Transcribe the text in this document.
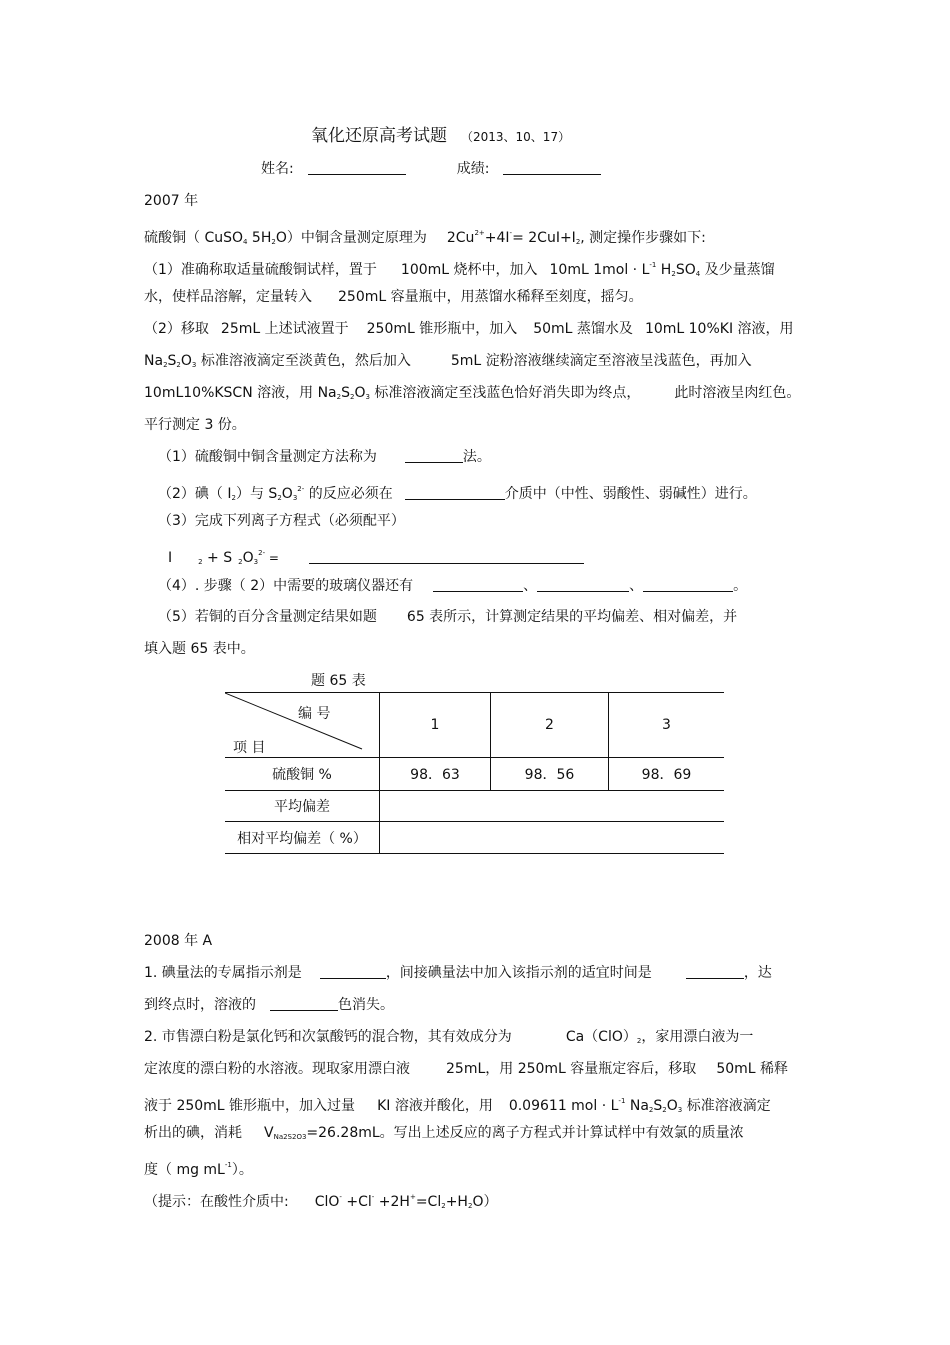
氧化还原高考试题 （2013、10、17）
姓名:	成绩:
2007 年
硫酸铜（ CuSO$_4$ $5H_2O$）中铜含量测定原理为 $2Cu^{2+}+4I^-= 2CuI+I_2$, 测定操作步骤如下:
（1）准确称取适量硫酸铜试样，置于 100mL 烧杯中，加入 10mL $1mol \cdot L^{-1}$ $H_2SO_4$ 及少量蒸馏
水，使样品溶解，定量转入 250mL 容量瓶中，用蒸馏水稀释至刻度，摇匀。
（2）移取 25mL 上述试液置于 250mL 锥形瓶中，加入 50mL 蒸馏水及 10mL 10%KI 溶液，用
$Na_2S_2O_3$ 标准溶液滴定至淡黄色，然后加入	5mL 淀粉溶液继续滴定至溶液呈浅蓝色，再加入
10mL10%KSCN 溶液，用 $Na_2S_2O_3$ 标准溶液滴定至浅蓝色恰好消失即为终点， 此时溶液呈肉红色。
平行测定 3 份。
（1）硫酸铜中铜含量测定方法称为	法。
（2）碘（ $I_2$）与 $S_2O_3^{2-}$ 的反应必须在	介质中（中性、弱酸性、弱碱性）进行。
（3）完成下列离子方程式（必须配平）
I	$_2$ + S $_2O_3^{2-}$ =
（4）. 步骤（ 2）中需要的玻璃仪器还有	、	、	。
（5）若铜的百分含量测定结果如题 65 表所示，计算测定结果的平均偏差、相对偏差，并
填入题 65 表中。
题 65 表
编 号
项 目	1	2	3
硫酸铜 %	98．63	98．56	98．69
平均偏差			
相对平均偏差（ %）			
2008 年 A
1. 碘量法的专属指示剂是	，间接碘量法中加入该指示剂的适宜时间是	，达
到终点时，溶液的	色消失。
2. 市售漂白粉是氯化钙和次氯酸钙的混合物，其有效成分为	$Ca(ClO)_2$，家用漂白液为一
定浓度的漂白粉的水溶液。现取家用漂白液	25mL，用 250mL 容量瓶定容后，移取 50mL 稀释
液于 250mL 锥形瓶中，加入过量 KI 溶液并酸化，用 0.09611 mol · $L^{-1}$ $Na_2S_2O_3$ 标准溶液滴定
析出的碘，消耗 $V_{Na2S2O3}=26.28mL$。写出上述反应的离子方程式并计算试样中有效氯的质量浓
度（ mg $mL^{-1}$）。
（提示：在酸性介质中: $ClO^- +Cl^- +2H^+=Cl_2+H_2O$）
